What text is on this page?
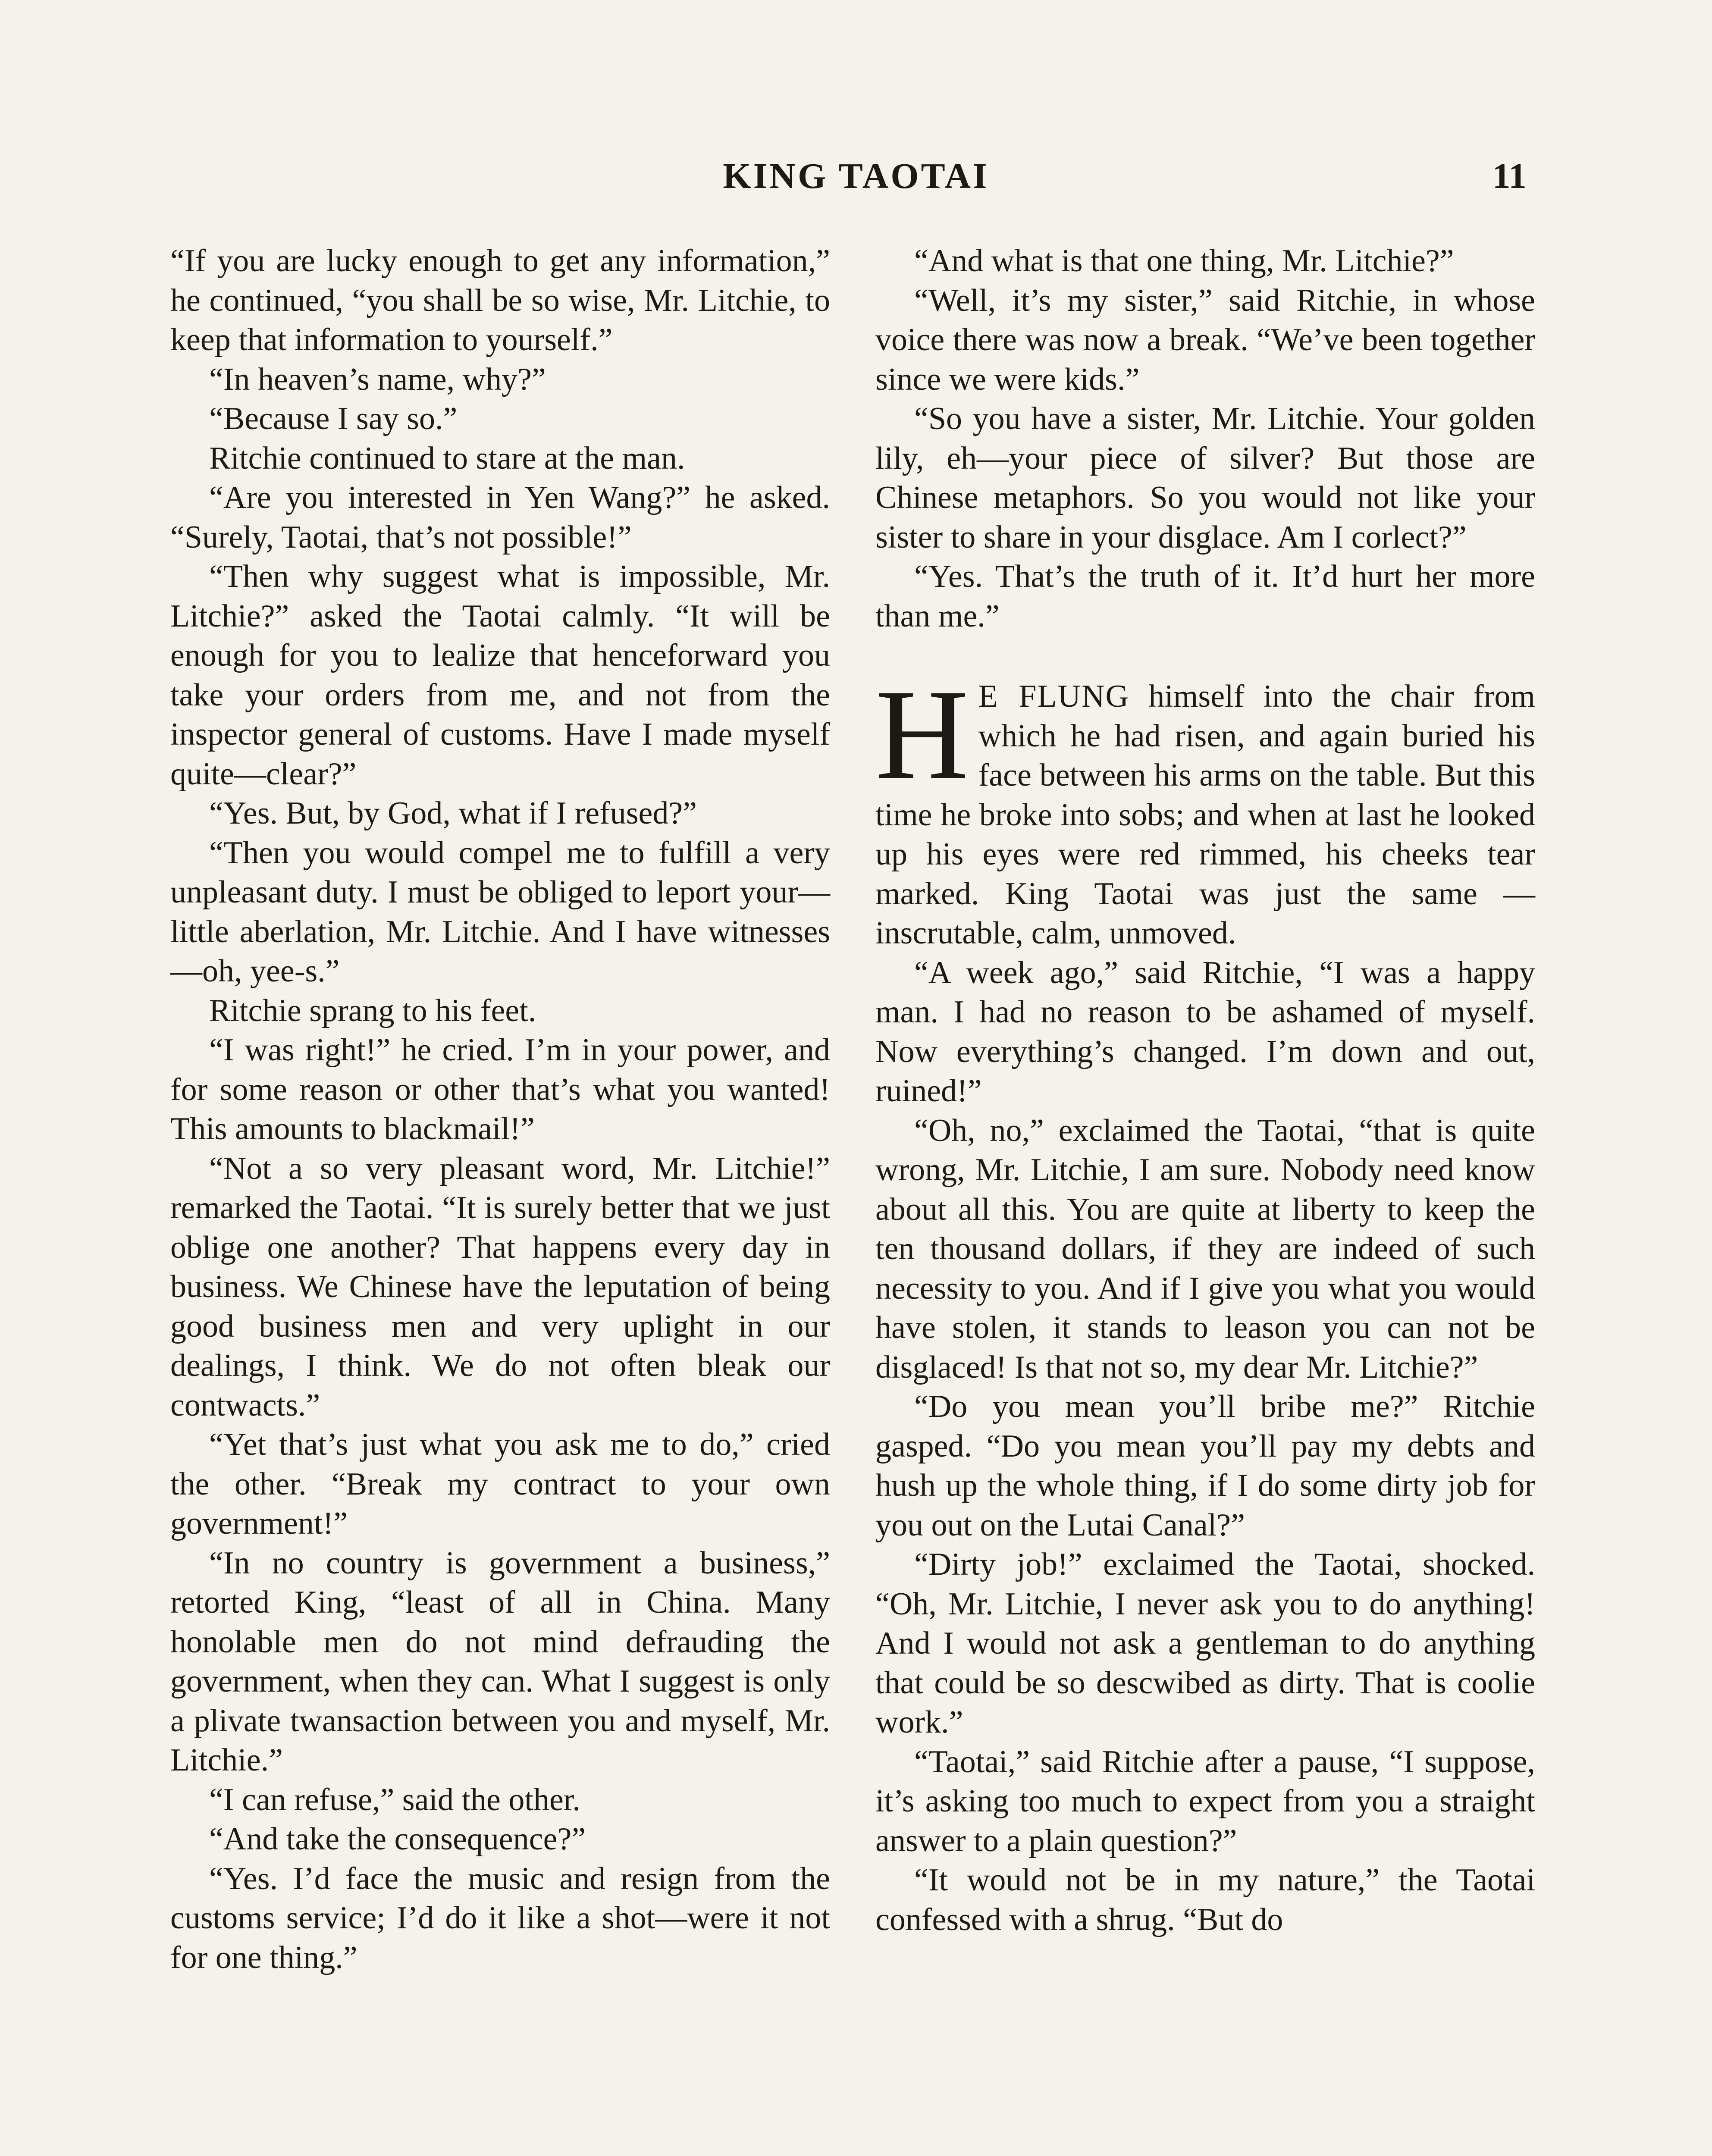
KING TAOTAI	11

“If you are lucky enough to get any information,” he continued, “you shall be so wise, Mr. Litchie, to keep that information to yourself.”

“In heaven’s name, why?”

“Because I say so.”

Ritchie continued to stare at the man.

“Are you interested in Yen Wang?” he asked. “Surely, Taotai, that’s not possible!”

“Then why suggest what is impossible, Mr. Litchie?” asked the Taotai calmly. “It will be enough for you to lealize that henceforward you take your orders from me, and not from the inspector general of customs. Have I made myself quite—clear?”

“Yes. But, by God, what if I refused?”

“Then you would compel me to fulfill a very unpleasant duty. I must be obliged to leport your—little aberlation, Mr. Litchie. And I have witnesses—oh, yee-s.”

Ritchie sprang to his feet.

“I was right!” he cried. I’m in your power, and for some reason or other that’s what you wanted! This amounts to blackmail!”

“Not a so very pleasant word, Mr. Litchie!” remarked the Taotai. “It is surely better that we just oblige one another? That happens every day in business. We Chinese have the leputation of being good business men and very uplight in our dealings, I think. We do not often bleak our contwacts.”

“Yet that’s just what you ask me to do,” cried the other. “Break my contract to your own government!”

“In no country is government a business,” retorted King, “least of all in China. Many honolable men do not mind defrauding the government, when they can. What I suggest is only a plivate twansaction between you and myself, Mr. Litchie.”

“I can refuse,” said the other.

“And take the consequence?”

“Yes. I’d face the music and resign from the customs service; I’d do it like a shot—were it not for one thing.”

“And what is that one thing, Mr. Litchie?”

“Well, it’s my sister,” said Ritchie, in whose voice there was now a break. “We’ve been together since we were kids.”

“So you have a sister, Mr. Litchie. Your golden lily, eh—your piece of silver? But those are Chinese metaphors. So you would not like your sister to share in your disglace. Am I corlect?”

“Yes. That’s the truth of it. It’d hurt her more than me.”

H E FLUNG himself into the chair from which he had risen, and again buried his face between his arms on the table. But this time he broke into sobs; and when at last he looked up his eyes were red rimmed, his cheeks tear marked. King Taotai was just the same —inscrutable, calm, unmoved.

“A week ago,” said Ritchie, “I was a happy man. I had no reason to be ashamed of myself. Now everything’s changed. I’m down and out, ruined!”

“Oh, no,” exclaimed the Taotai, “that is quite wrong, Mr. Litchie, I am sure. Nobody need know about all this. You are quite at liberty to keep the ten thousand dollars, if they are indeed of such necessity to you. And if I give you what you would have stolen, it stands to leason you can not be disglaced! Is that not so, my dear Mr. Litchie?”

“Do you mean you’ll bribe me?” Ritchie gasped. “Do you mean you’ll pay my debts and hush up the whole thing, if I do some dirty job for you out on the Lutai Canal?”

“Dirty job!” exclaimed the Taotai, shocked. “Oh, Mr. Litchie, I never ask you to do anything! And I would not ask a gentleman to do anything that could be so descwibed as dirty. That is coolie work.”

“Taotai,” said Ritchie after a pause, “I suppose, it’s asking too much to expect from you a straight answer to a plain question?”

“It would not be in my nature,” the Taotai confessed with a shrug. “But do
